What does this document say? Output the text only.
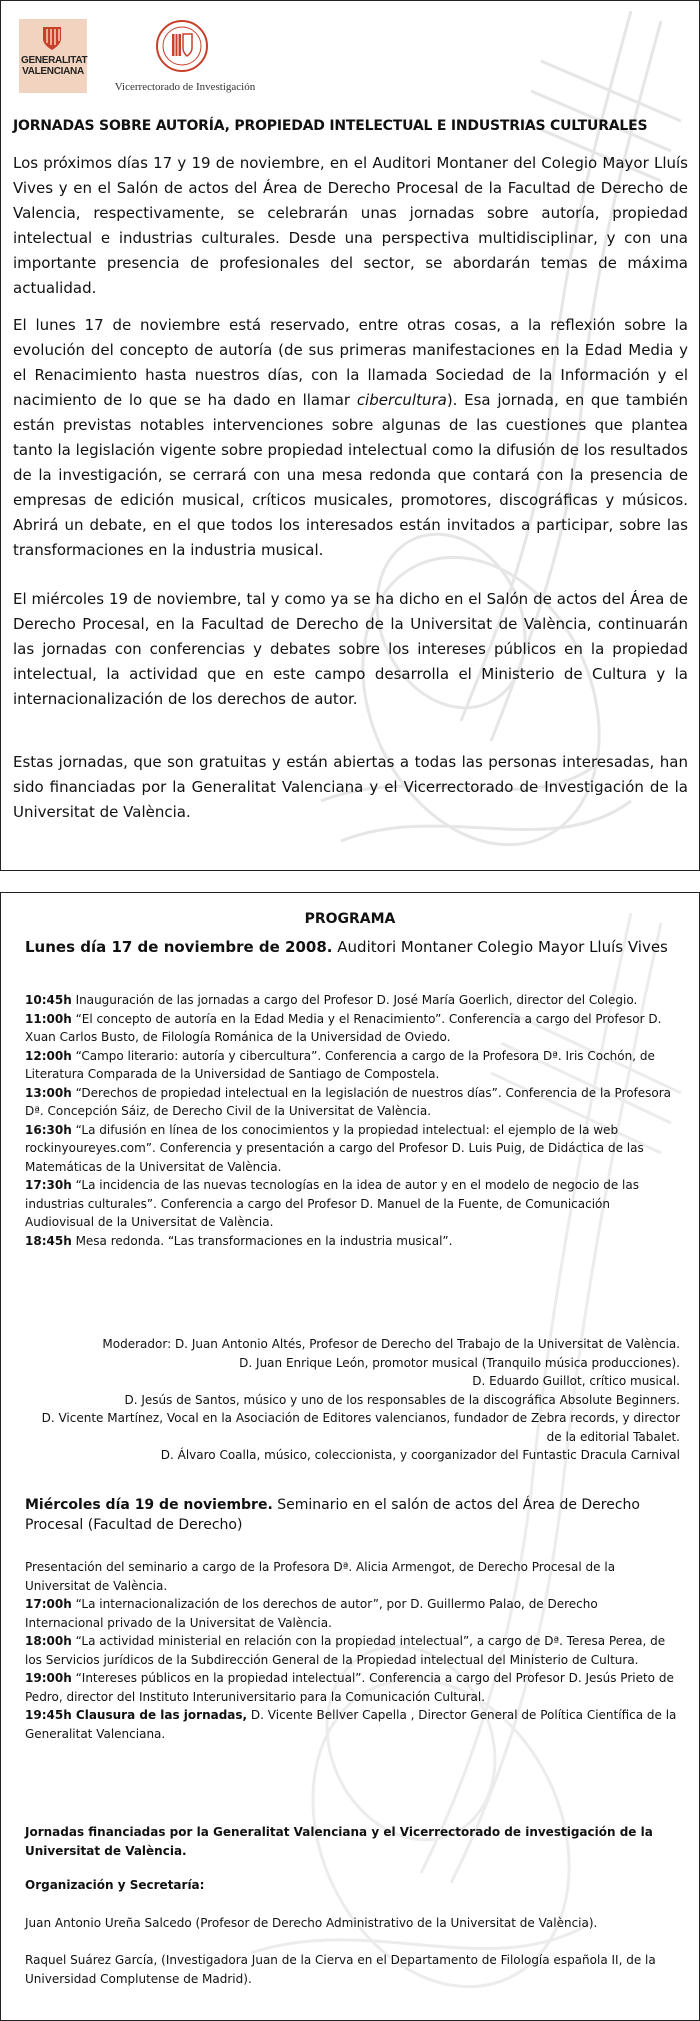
GENERALITAT VALENCIANA
Vicerrectorado de Investigación
JORNADAS SOBRE AUTORÍA, PROPIEDAD INTELECTUAL E INDUSTRIAS CULTURALES
Los próximos días 17 y 19 de noviembre, en el Auditori Montaner del Colegio Mayor Lluís Vives y en el Salón de actos del Área de Derecho Procesal de la Facultad de Derecho de Valencia, respectivamente, se celebrarán unas jornadas sobre autoría, propiedad intelectual e industrias culturales. Desde una perspectiva multidisciplinar, y con una importante presencia de profesionales del sector, se abordarán temas de máxima actualidad.
El lunes 17 de noviembre está reservado, entre otras cosas, a la reflexión sobre la evolución del concepto de autoría (de sus primeras manifestaciones en la Edad Media y el Renacimiento hasta nuestros días, con la llamada Sociedad de la Información y el nacimiento de lo que se ha dado en llamar cibercultura). Esa jornada, en que también están previstas notables intervenciones sobre algunas de las cuestiones que plantea tanto la legislación vigente sobre propiedad intelectual como la difusión de los resultados de la investigación, se cerrará con una mesa redonda que contará con la presencia de empresas de edición musical, críticos musicales, promotores, discográficas y músicos. Abrirá un debate, en el que todos los interesados están invitados a participar, sobre las transformaciones en la industria musical.
El miércoles 19 de noviembre, tal y como ya se ha dicho en el Salón de actos del Área de Derecho Procesal, en la Facultad de Derecho de la Universitat de València, continuarán las jornadas con conferencias y debates sobre los intereses públicos en la propiedad intelectual, la actividad que en este campo desarrolla el Ministerio de Cultura y la internacionalización de los derechos de autor.
Estas jornadas, que son gratuitas y están abiertas a todas las personas interesadas, han sido financiadas por la Generalitat Valenciana y el Vicerrectorado de Investigación de la Universitat de València.
PROGRAMA
Lunes día 17 de noviembre de 2008. Auditori Montaner Colegio Mayor Lluís Vives
10:45h Inauguración de las jornadas a cargo del Profesor D. José María Goerlich, director del Colegio.
11:00h “El concepto de autoría en la Edad Media y el Renacimiento”. Conferencia a cargo del Profesor D. Xuan Carlos Busto, de Filología Románica de la Universidad de Oviedo.
12:00h “Campo literario: autoría y cibercultura”. Conferencia a cargo de la Profesora Dª. Iris Cochón, de Literatura Comparada de la Universidad de Santiago de Compostela.
13:00h “Derechos de propiedad intelectual en la legislación de nuestros días”. Conferencia de la Profesora Dª. Concepción Sáiz, de Derecho Civil de la Universitat de València.
16:30h “La difusión en línea de los conocimientos y la propiedad intelectual: el ejemplo de la web rockinyoureyes.com”. Conferencia y presentación a cargo del Profesor D. Luis Puig, de Didáctica de las Matemáticas de la Universitat de València.
17:30h “La incidencia de las nuevas tecnologías en la idea de autor y en el modelo de negocio de las industrias culturales”. Conferencia a cargo del Profesor D. Manuel de la Fuente, de Comunicación Audiovisual de la Universitat de València.
18:45h Mesa redonda. “Las transformaciones en la industria musical”.
Moderador: D. Juan Antonio Altés, Profesor de Derecho del Trabajo de la Universitat de València.
D. Juan Enrique León, promotor musical (Tranquilo música producciones).
D. Eduardo Guillot, crítico musical.
D. Jesús de Santos, músico y uno de los responsables de la discográfica Absolute Beginners.
D. Vicente Martínez, Vocal en la Asociación de Editores valencianos, fundador de Zebra records, y director de la editorial Tabalet.
D. Álvaro Coalla, músico, coleccionista, y coorganizador del Funtastic Dracula Carnival
Miércoles día 19 de noviembre. Seminario en el salón de actos del Área de Derecho Procesal (Facultad de Derecho)
Presentación del seminario a cargo de la Profesora Dª. Alicia Armengot, de Derecho Procesal de la Universitat de València.
17:00h “La internacionalización de los derechos de autor”, por D. Guillermo Palao, de Derecho Internacional privado de la Universitat de València.
18:00h “La actividad ministerial en relación con la propiedad intelectual”, a cargo de Dª. Teresa Perea, de los Servicios jurídicos de la Subdirección General de la Propiedad intelectual del Ministerio de Cultura.
19:00h “Intereses públicos en la propiedad intelectual”. Conferencia a cargo del Profesor D. Jesús Prieto de Pedro, director del Instituto Interuniversitario para la Comunicación Cultural.
19:45h Clausura de las jornadas, D. Vicente Bellver Capella , Director General de Política Científica de la Generalitat Valenciana.
Jornadas financiadas por la Generalitat Valenciana y el Vicerrectorado de investigación de la Universitat de València.
Organización y Secretaría:
Juan Antonio Ureña Salcedo (Profesor de Derecho Administrativo de la Universitat de València).
Raquel Suárez García, (Investigadora Juan de la Cierva en el Departamento de Filología española II, de la Universidad Complutense de Madrid).
